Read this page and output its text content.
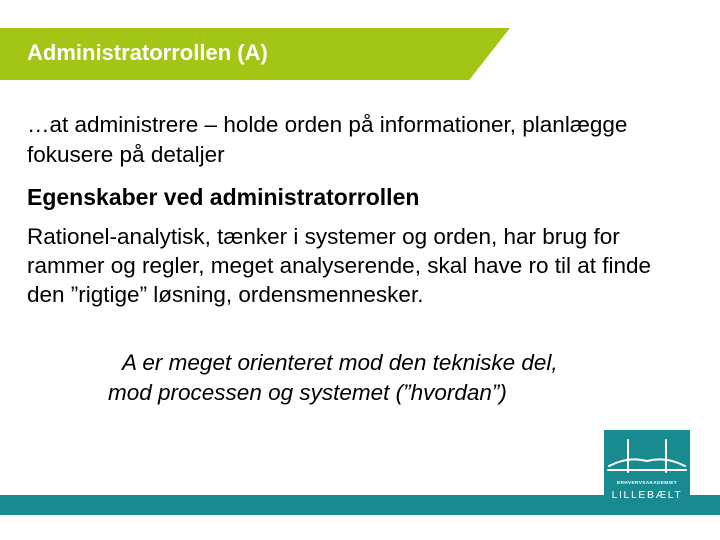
Administratorrollen (A)
…at administrere – holde orden på informationer, planlægge fokusere på detaljer
Egenskaber ved administratorrollen
Rationel-analytisk, tænker i systemer og orden, har brug for rammer og regler, meget analyserende, skal have ro til at finde den ”rigtige” løsning, ordensmennesker.
A er meget orienteret mod den tekniske del,
mod processen og systemet (”hvordan”)
ERHVERVSAKADEMIET
LILLEBÆLT
